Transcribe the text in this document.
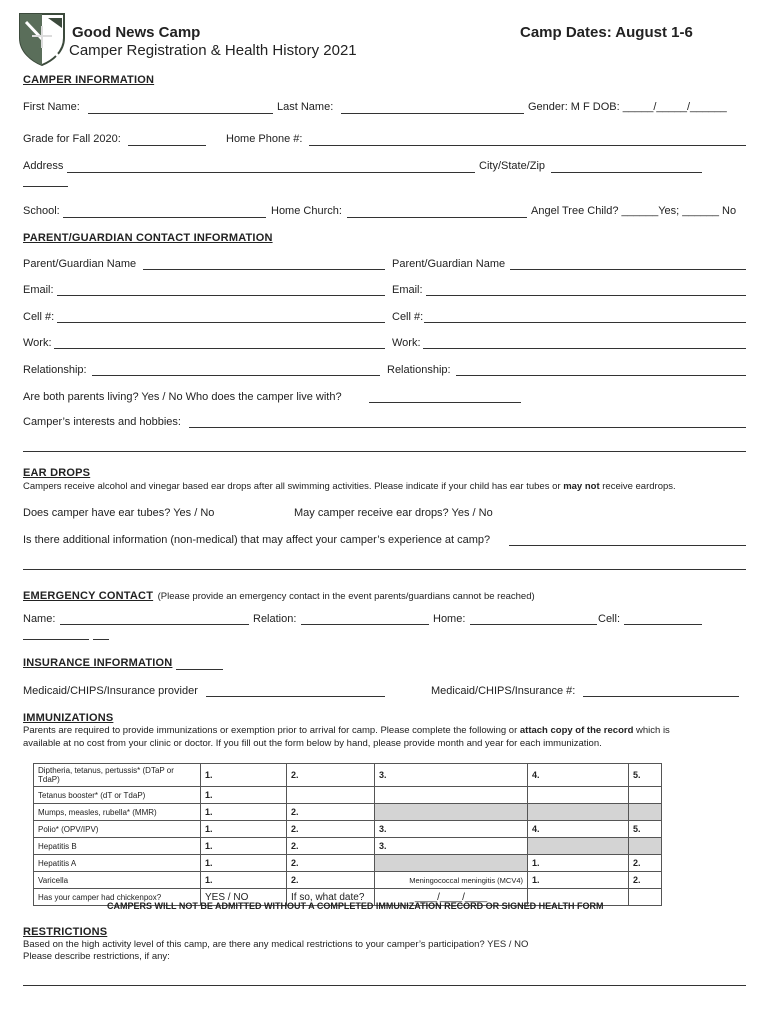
Good News Camp
Camper Registration & Health History 2021
Camp Dates: August 1-6
CAMPER INFORMATION
First Name:	Last Name:	Gender: M F DOB: _____/_____/______
Grade for Fall 2020:	Home Phone #:
Address	City/State/Zip
School:	Home Church:	Angel Tree Child? ______Yes; ______ No
PARENT/GUARDIAN CONTACT INFORMATION
Parent/Guardian Name	Parent/Guardian Name
Email:	Email:
Cell #:	Cell #:
Work:	Work:
Relationship:	Relationship:
Are both parents living? Yes / No Who does the camper live with?
Camper’s interests and hobbies:
EAR DROPS
Campers receive alcohol and vinegar based ear drops after all swimming activities. Please indicate if your child has ear tubes or may not receive eardrops.
Does camper have ear tubes? Yes / No	May camper receive ear drops? Yes / No
Is there additional information (non-medical) that may affect your camper’s experience at camp?
EMERGENCY CONTACT (Please provide an emergency contact in the event parents/guardians cannot be reached)
Name:	Relation:	Home:	Cell:
INSURANCE INFORMATION
Medicaid/CHIPS/Insurance provider	Medicaid/CHIPS/Insurance #:
IMMUNIZATIONS
Parents are required to provide immunizations or exemption prior to arrival for camp. Please complete the following or attach copy of the record which is
available at no cost from your clinic or doctor. If you fill out the form below by hand, please provide month and year for each immunization.
Diptheria, tetanus, pertussis* (DTaP or TdaP)	1.	2.	3.	4.	5.
Tetanus booster* (dT or TdaP)	1.				
Mumps, measles, rubella* (MMR)	1.	2.			
Polio* (OPV/IPV)	1.	2.	3.	4.	5.
Hepatitis B	1.	2.	3.		
Hepatitis A	1.	2.		1.	2.
Varicella	1.	2.	Meningococcal meningitis (MCV4)	1.	2.
Has your camper had chickenpox?	YES / NO	If so, what date?	____/____/____		
CAMPERS WILL NOT BE ADMITTED WITHOUT A COMPLETED IMMUNIZATION RECORD OR SIGNED HEALTH FORM
RESTRICTIONS
Based on the high activity level of this camp, are there any medical restrictions to your camper’s participation? YES / NO
Please describe restrictions, if any:
